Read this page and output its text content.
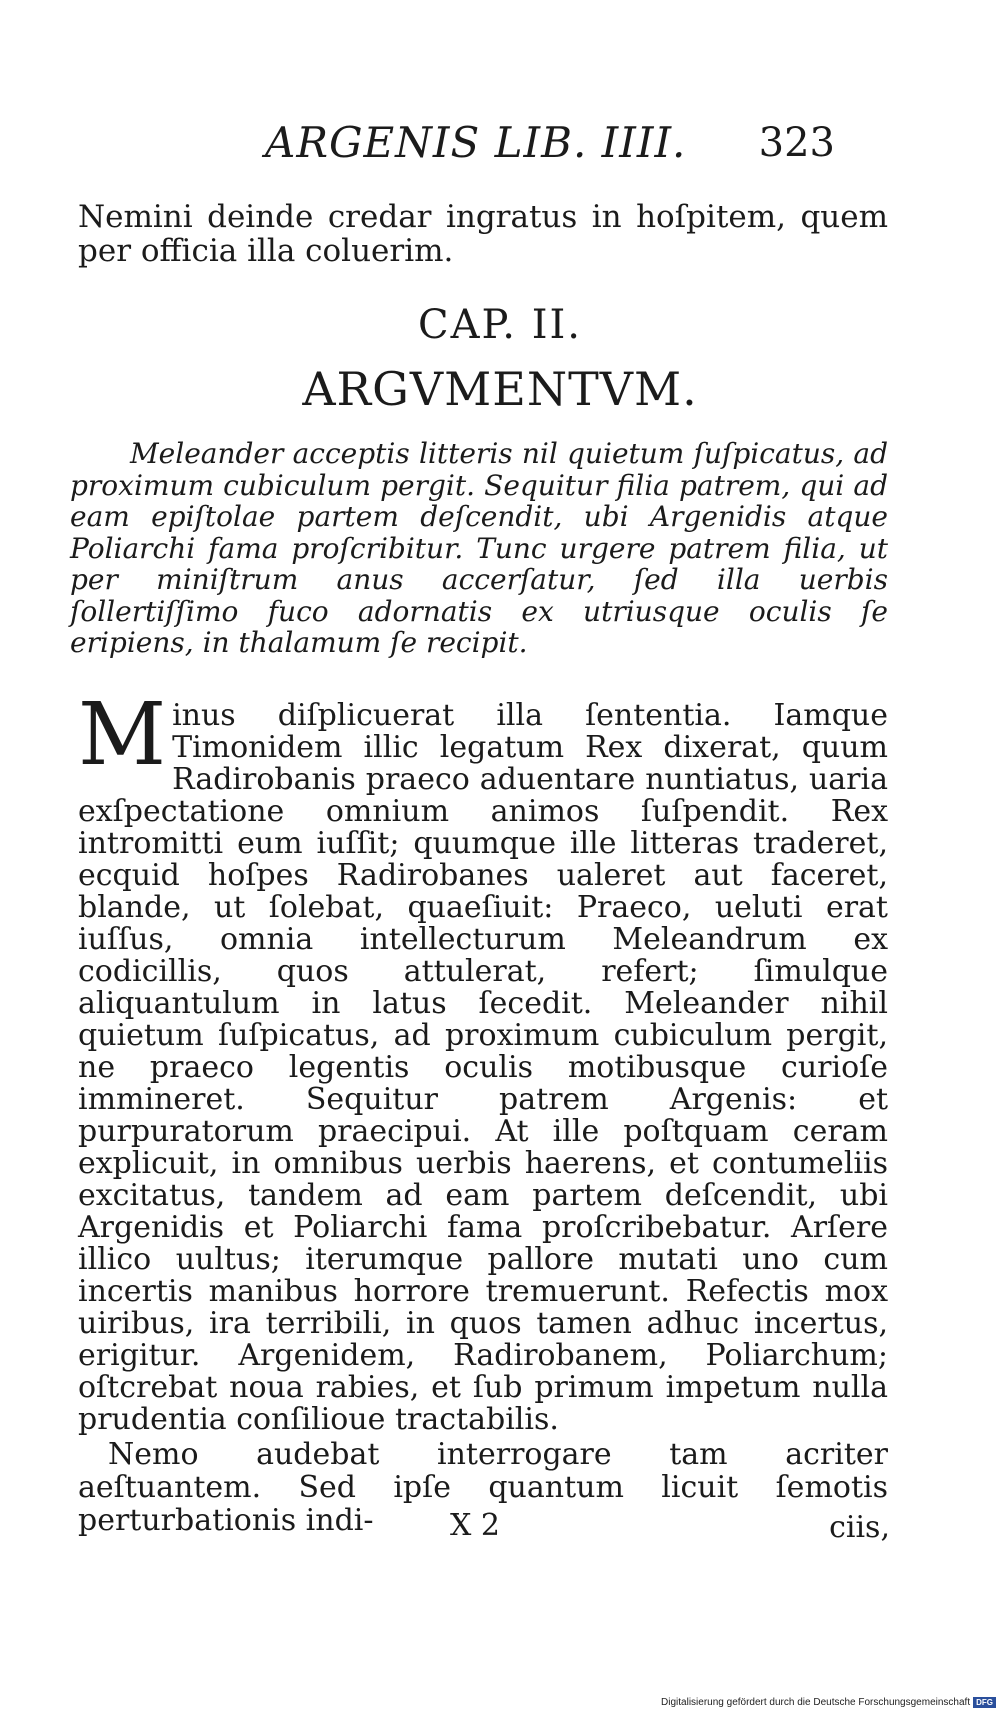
ARGENIS LIB. IIII. 323

Nemini deinde credar ingratus in hoſpitem, quem per officia illa coluerim.

CAP. II.
ARGVMENTVM.

Meleander acceptis litteris nil quietum ſuſpicatus, ad proximum cubiculum pergit. Sequitur filia patrem, qui ad eam epiſtolae partem deſcendit, ubi Argenidis atque Poliarchi fama proſcribitur. Tunc urgere patrem filia, ut per miniſtrum anus accerſatur, ſed illa uerbis ſollertiſſimo fuco adornatis ex utriusque oculis ſe eripiens, in thalamum ſe recipit.

M inus diſplicuerat illa ſententia. Iamque Timonidem illic legatum Rex dixerat, quum Radirobanis praeco aduentare nuntiatus, uaria exſpectatione omnium animos ſuſpendit. Rex intromitti eum iuſſit; quumque ille litteras traderet, ecquid hoſpes Radirobanes ualeret aut faceret, blande, ut ſolebat, quaeſiuit: Praeco, ueluti erat iuſſus, omnia intellecturum Meleandrum ex codicillis, quos attulerat, refert; ſimulque aliquantulum in latus ſecedit. Meleander nihil quietum ſuſpicatus, ad proximum cubiculum pergit, ne praeco legentis oculis motibusque curioſe immineret. Sequitur patrem Argenis: et purpuratorum praecipui. At ille poſtquam ceram explicuit, in omnibus uerbis haerens, et contumeliis excitatus, tandem ad eam partem deſcendit, ubi Argenidis et Poliarchi fama proſcribebatur. Arſere illico uultus; iterumque pallore mutati uno cum incertis manibus horrore tremuerunt. Refectis mox uiribus, ira terribili, in quos tamen adhuc incertus, erigitur. Argenidem, Radirobanem, Poliarchum; oſtcrebat noua rabies, et ſub primum impetum nulla prudentia conſilioue tractabilis.

Nemo audebat interrogare tam acriter aeſtuantem. Sed ipſe quantum licuit ſemotis perturbationis indi-	X 2	ciis,
Digitalisierung gefördert durch die Deutsche Forschungsgemeinschaft DFG
